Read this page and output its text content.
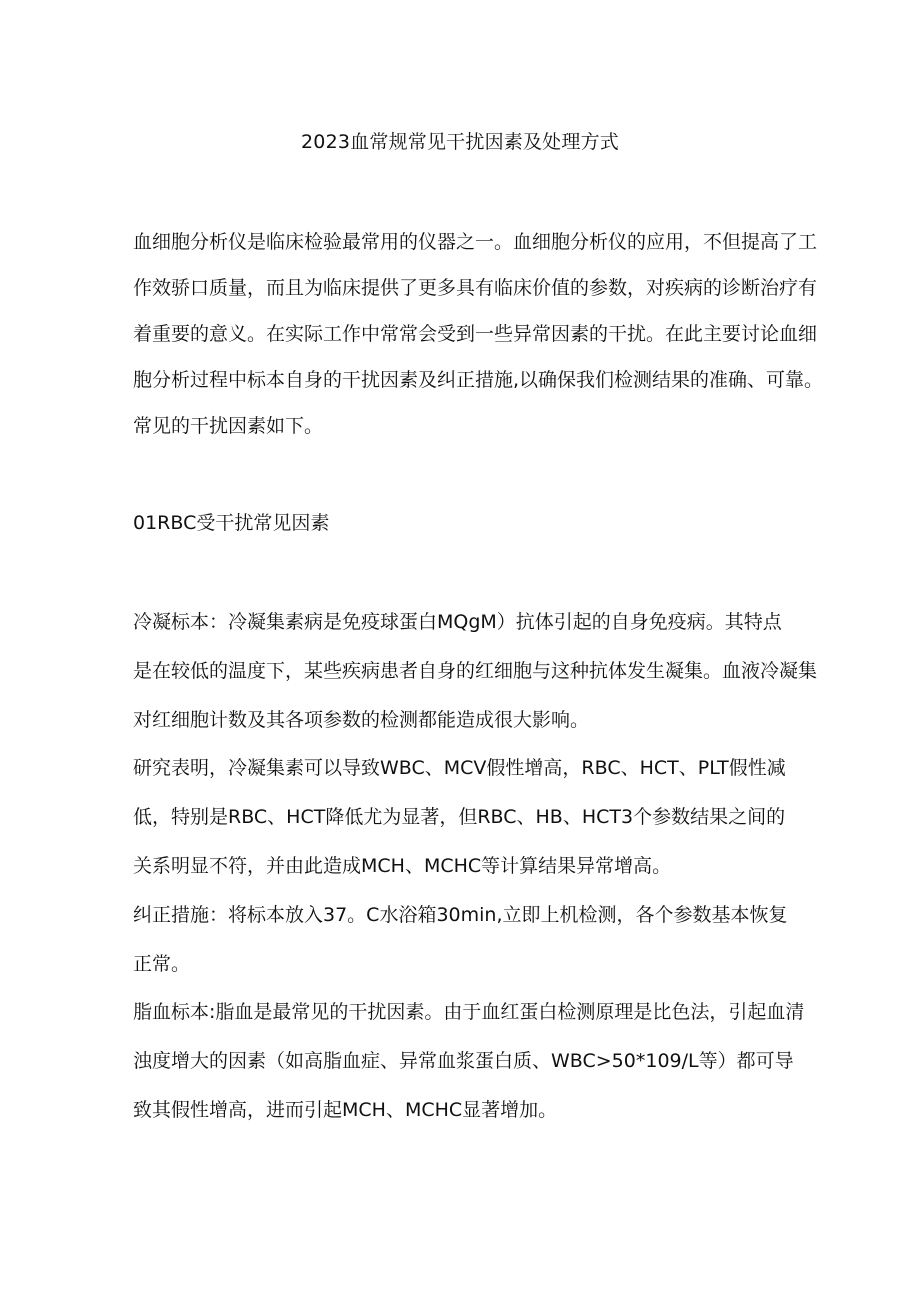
2023血常规常见干扰因素及处理方式

血细胞分析仪是临床检验最常用的仪器之一。血细胞分析仪的应用，不但提高了工

作效骄口质量，而且为临床提供了更多具有临床价值的参数，对疾病的诊断治疗有

着重要的意义。在实际工作中常常会受到一些异常因素的干扰。在此主要讨论血细

胞分析过程中标本自身的干扰因素及纠正措施,以确保我们检测结果的准确、可靠。

常见的干扰因素如下。

01RBC受干扰常见因素

冷凝标本：冷凝集素病是免疫球蛋白MQgM）抗体引起的自身免疫病。其特点

是在较低的温度下，某些疾病患者自身的红细胞与这种抗体发生凝集。血液冷凝集

对红细胞计数及其各项参数的检测都能造成很大影响。

研究表明，冷凝集素可以导致WBC、MCV假性增高，RBC、HCT、PLT假性减

低，特别是RBC、HCT降低尤为显著，但RBC、HB、HCT3个参数结果之间的

关系明显不符，并由此造成MCH、MCHC等计算结果异常增高。

纠正措施：将标本放入37。C水浴箱30min,立即上机检测，各个参数基本恢复

正常。

脂血标本:脂血是最常见的干扰因素。由于血红蛋白检测原理是比色法，引起血清

浊度增大的因素（如高脂血症、异常血浆蛋白质、WBC>50*109/L等）都可导

致其假性增高，进而引起MCH、MCHC显著增加。
